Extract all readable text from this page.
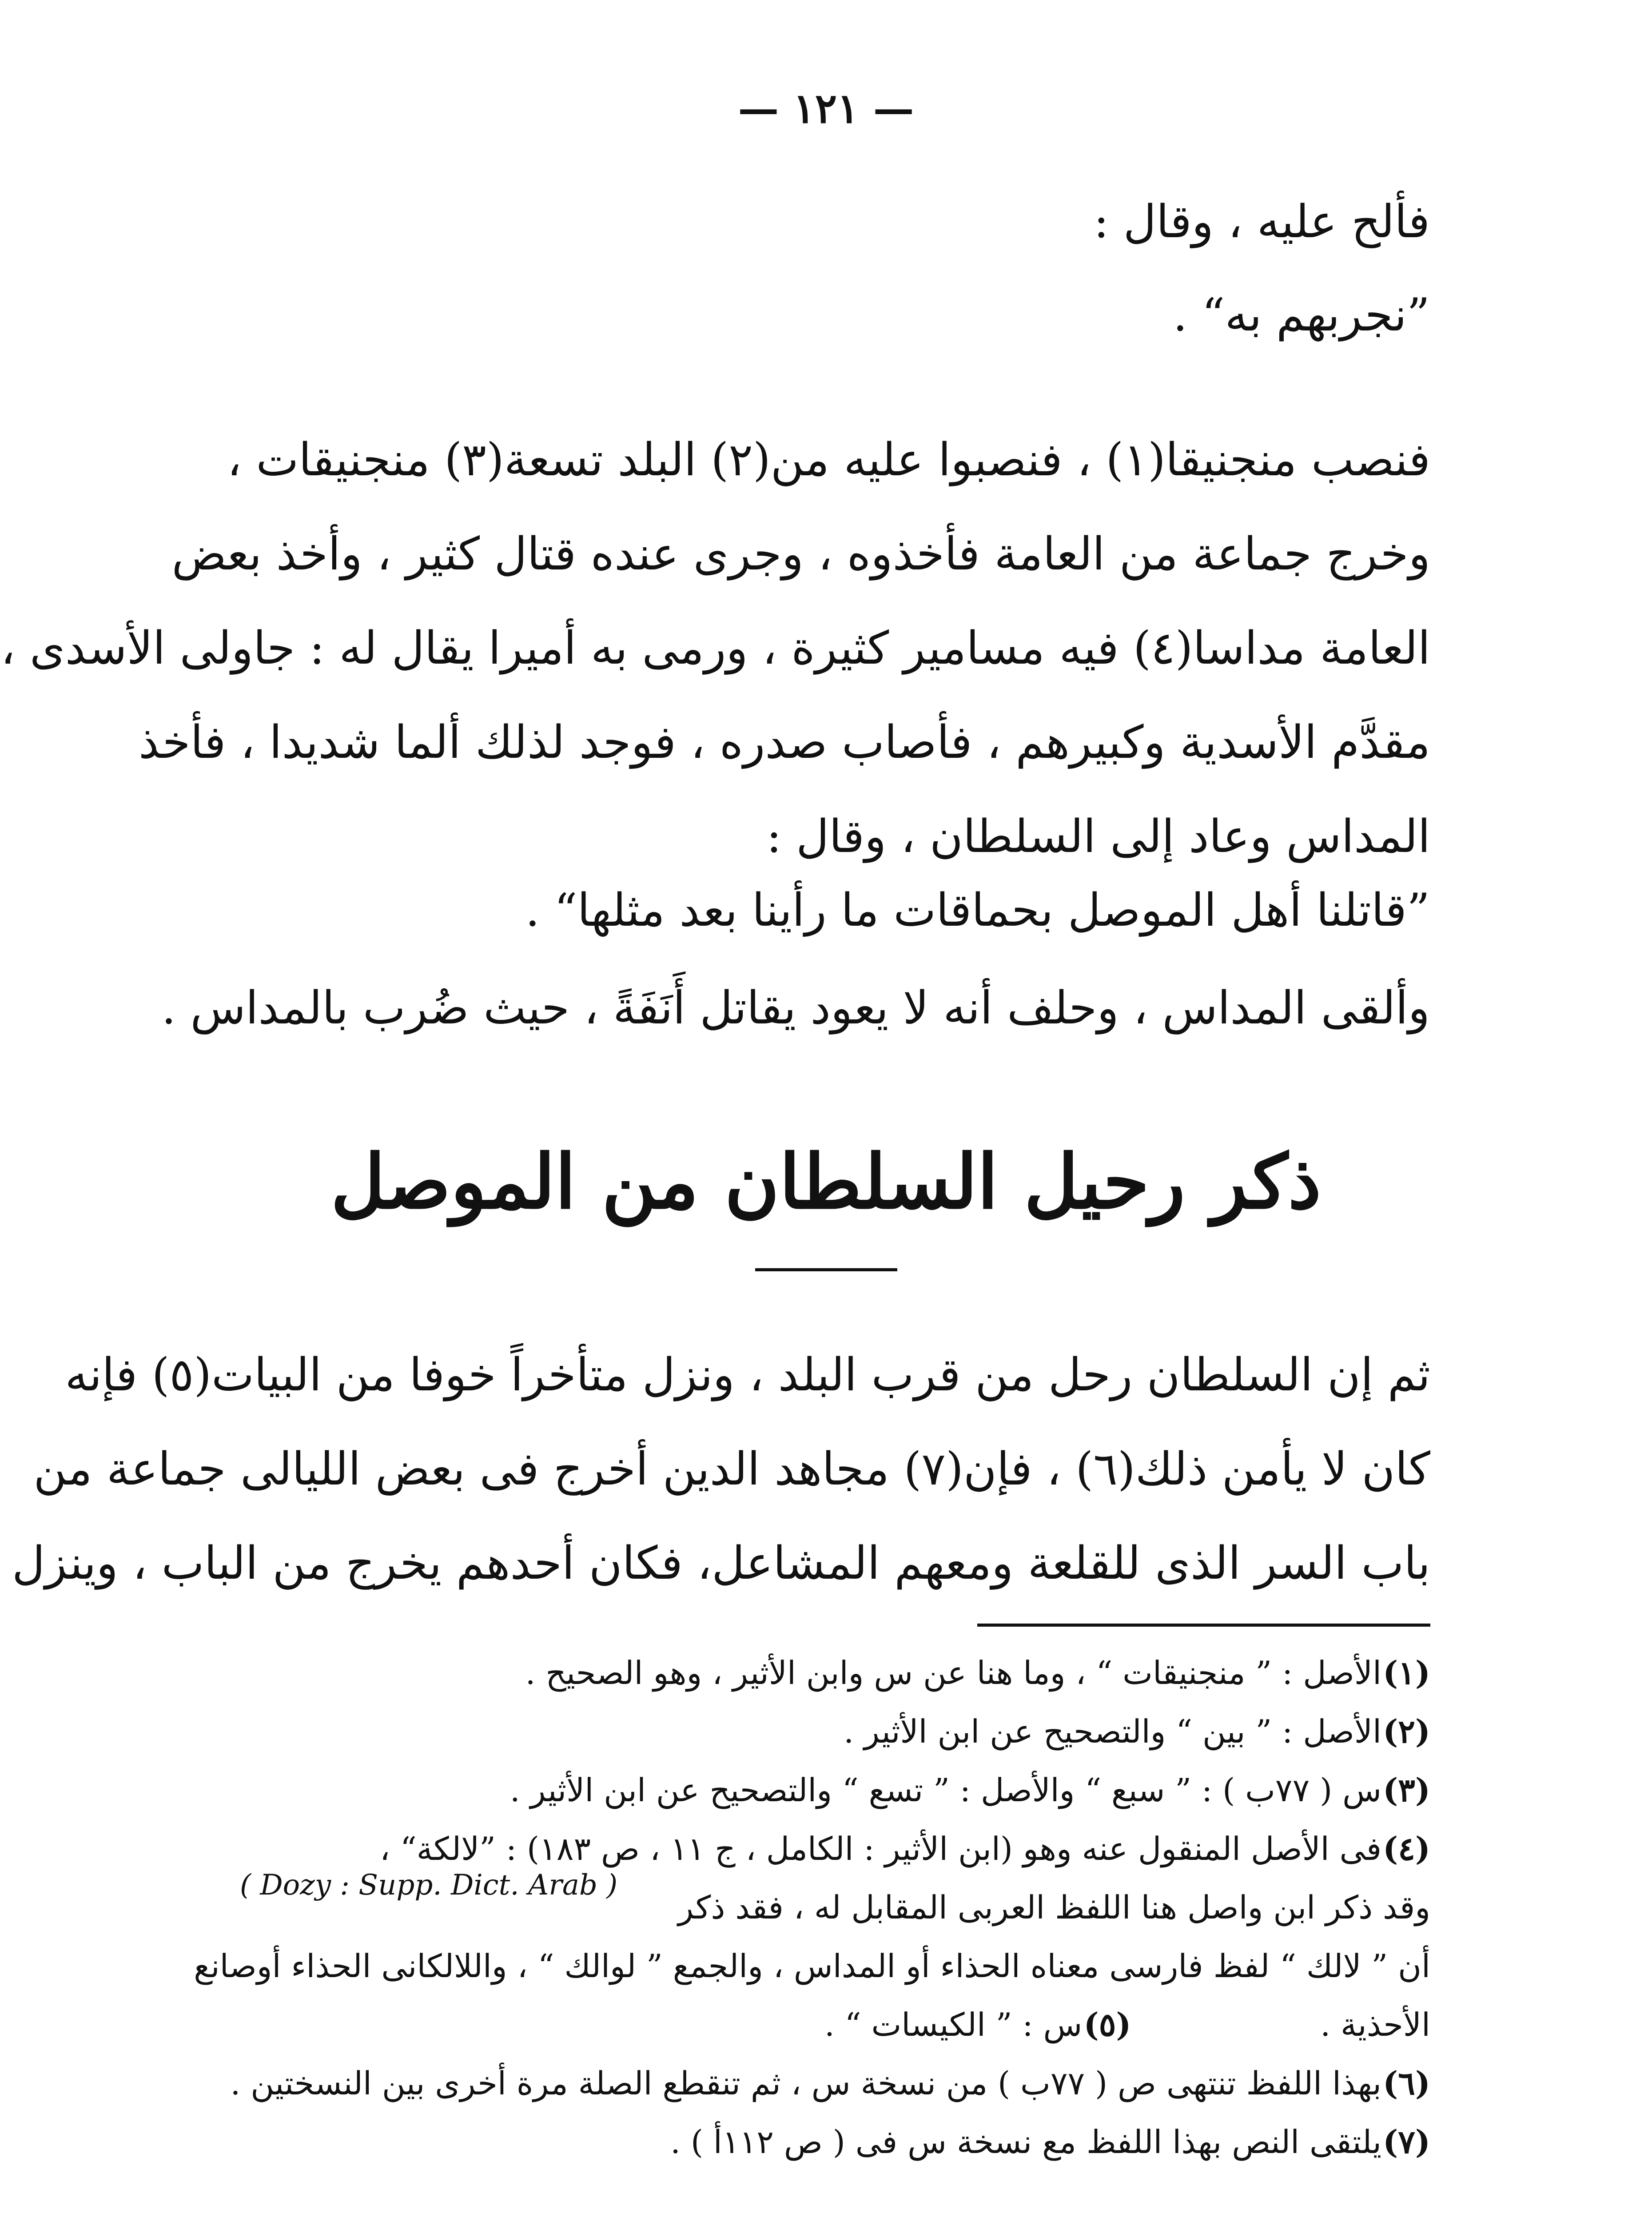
— ١٢١ —
فألح عليه ، وقال :
”نجربهم به“ .
فنصب منجنيقا(١) ، فنصبوا عليه من(٢) البلد تسعة(٣) منجنيقات ،
وخرج جماعة من العامة فأخذوه ، وجرى عنده قتال كثير ، وأخذ بعض
العامة مداسا(٤) فيه مسامير كثيرة ، ورمى به أميرا يقال له : جاولى الأسدى ،
مقدَّم الأسدية وكبيرهم ، فأصاب صدره ، فوجد لذلك ألما شديدا ، فأخذ
المداس وعاد إلى السلطان ، وقال :
”قاتلنا أهل الموصل بحماقات ما رأينا بعد مثلها“ .
وألقى المداس ، وحلف أنه لا يعود يقاتل أَنَفَةً ، حيث ضُرب بالمداس .
ذكر رحيل السلطان من الموصل
ثم إن السلطان رحل من قرب البلد ، ونزل متأخراً خوفا من البيات(٥) فإنه
كان لا يأمن ذلك(٦) ، فإن(٧) مجاهد الدين أخرج فى بعض الليالى جماعة من
باب السر الذى للقلعة ومعهم المشاعل، فكان أحدهم يخرج من الباب ، وينزل
(١)الأصل : ” منجنيقات “ ، وما هنا عن س وابن الأثير ، وهو الصحيح .
(٢)الأصل : ” بين “ والتصحيح عن ابن الأثير .
(٣)س ( ٧٧ب ) : ” سبع “ والأصل : ” تسع “ والتصحيح عن ابن الأثير .
(٤)فى الأصل المنقول عنه وهو (ابن الأثير : الكامل ، ج ١١ ، ص ١٨٣) : ”لالكة“ ،
وقد ذكر ابن واصل هنا اللفظ العربى المقابل له ، فقد ذكر
( Dozy : Supp. Dict. Arab )
أن ” لالك “ لفظ فارسى معناه الحذاء أو المداس ، والجمع ” لوالك “ ، واللالكانى الحذاء أوصانع
الأحذية .  (٥)س : ” الكيسات “ .
(٦)بهذا اللفظ تنتهى ص ( ٧٧ب ) من نسخة س ، ثم تنقطع الصلة مرة أخرى بين النسختين .
(٧)يلتقى النص بهذا اللفظ مع نسخة س فى ( ص ١١٢أ ) .
